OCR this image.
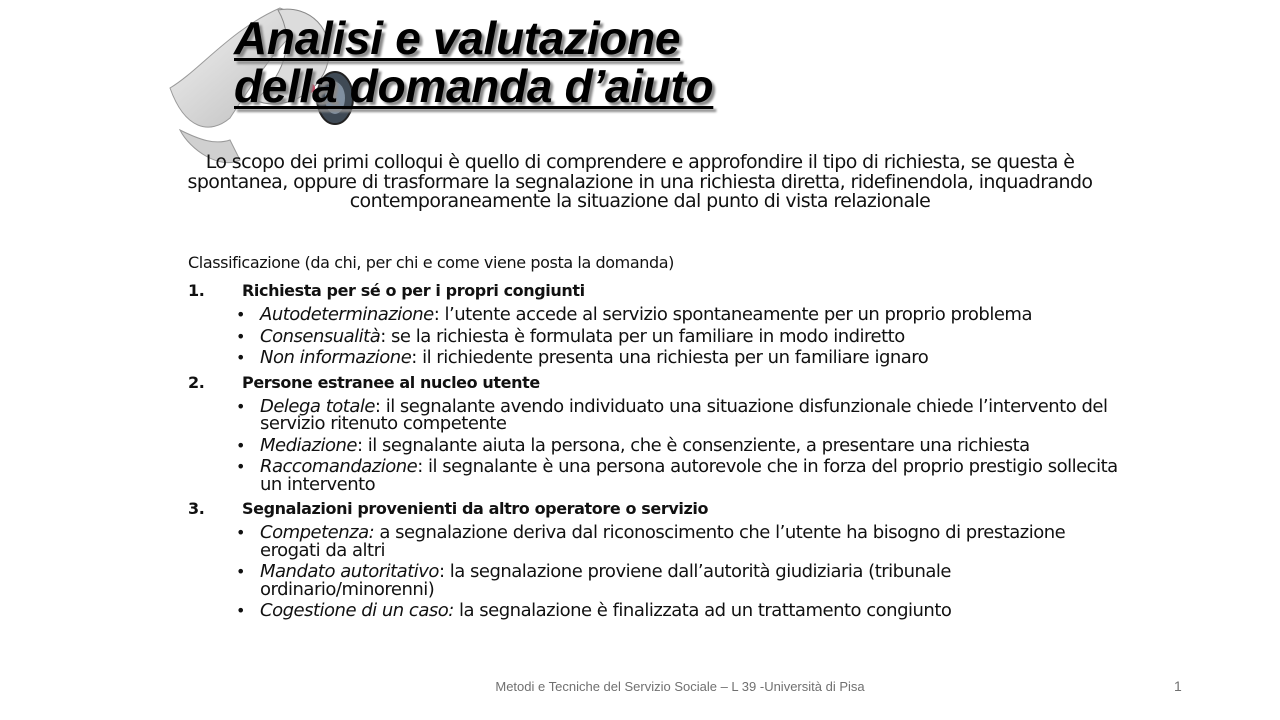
Analisi e valutazione
della domanda d’aiuto

Lo scopo dei primi colloqui è quello di comprendere e approfondire il tipo di richiesta, se questa è spontanea, oppure di trasformare la segnalazione in una richiesta diretta, ridefinendola, inquadrando contemporaneamente la situazione dal punto di vista relazionale

Classificazione (da chi, per chi e come viene posta la domanda)

1.	Richiesta per sé o per i propri congiunti
• Autodeterminazione: l’utente accede al servizio spontaneamente per un proprio problema
• Consensualità: se la richiesta è formulata per un familiare in modo indiretto
• Non informazione: il richiedente presenta una richiesta per un familiare ignaro
2.	Persone estranee al nucleo utente
• Delega totale: il segnalante avendo individuato una situazione disfunzionale chiede l’intervento del servizio ritenuto competente
• Mediazione: il segnalante aiuta la persona, che è consenziente, a presentare una richiesta
• Raccomandazione: il segnalante è una persona autorevole che in forza del proprio prestigio sollecita un intervento
3.	Segnalazioni provenienti da altro operatore o servizio
• Competenza: a segnalazione deriva dal riconoscimento che l’utente ha bisogno di prestazione erogati da altri
• Mandato autoritativo: la segnalazione proviene dall’autorità giudiziaria (tribunale ordinario/minorenni)
• Cogestione di un caso: la segnalazione è finalizzata ad un trattamento congiunto
Metodi e Tecniche del Servizio Sociale – L 39 -Università di Pisa	1
